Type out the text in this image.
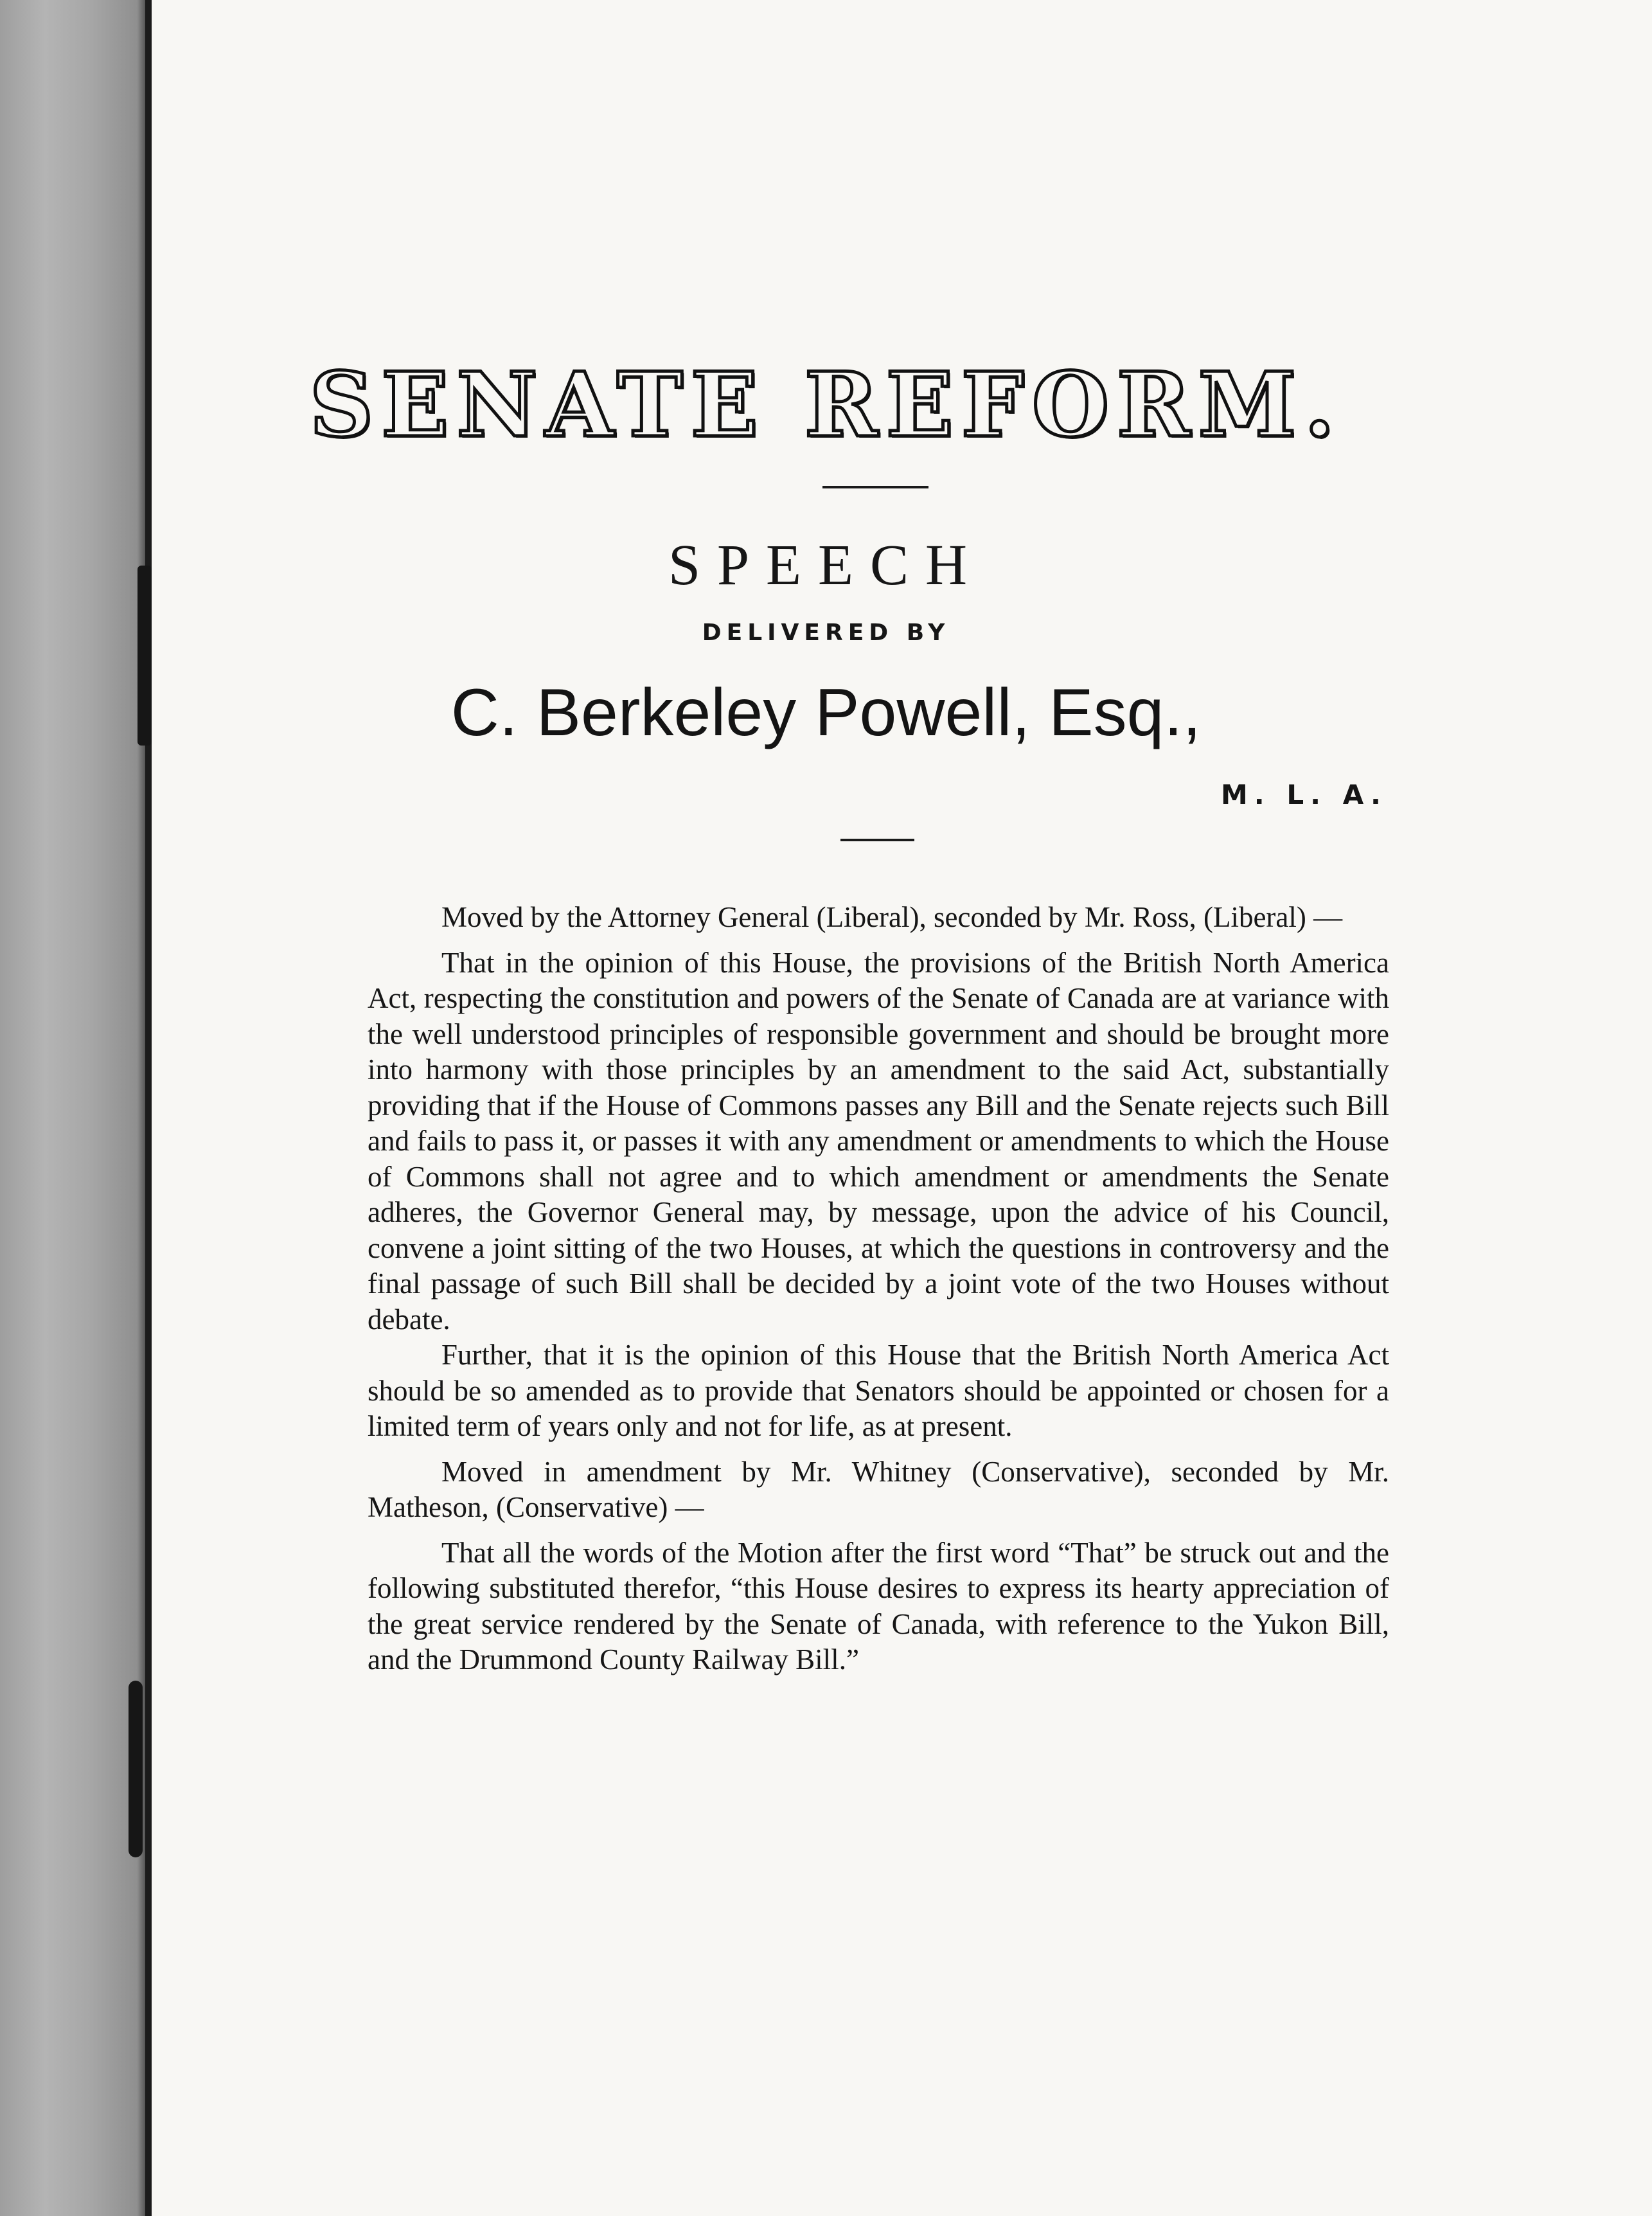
SENATE REFORM.
SPEECH
DELIVERED BY
C. Berkeley Powell, Esq.,
M. L. A.

Moved by the Attorney General (Liberal), seconded by Mr. Ross, (Liberal) —

That in the opinion of this House, the provisions of the British North America Act, respecting the constitution and powers of the Senate of Canada are at variance with the well understood principles of responsible government and should be brought more into harmony with those principles by an amendment to the said Act, substantially providing that if the House of Commons passes any Bill and the Senate rejects such Bill and fails to pass it, or passes it with any amendment or amendments to which the House of Commons shall not agree and to which amendment or amendments the Senate adheres, the Governor General may, by message, upon the advice of his Council, convene a joint sitting of the two Houses, at which the questions in controversy and the final passage of such Bill shall be decided by a joint vote of the two Houses without debate.

Further, that it is the opinion of this House that the British North America Act should be so amended as to provide that Senators should be appointed or chosen for a limited term of years only and not for life, as at present.

Moved in amendment by Mr. Whitney (Conservative), seconded by Mr. Matheson, (Conservative) —

That all the words of the Motion after the first word “That” be struck out and the following substituted therefor, “this House desires to express its hearty appreciation of the great service rendered by the Senate of Canada, with reference to the Yukon Bill, and the Drummond County Railway Bill.”
